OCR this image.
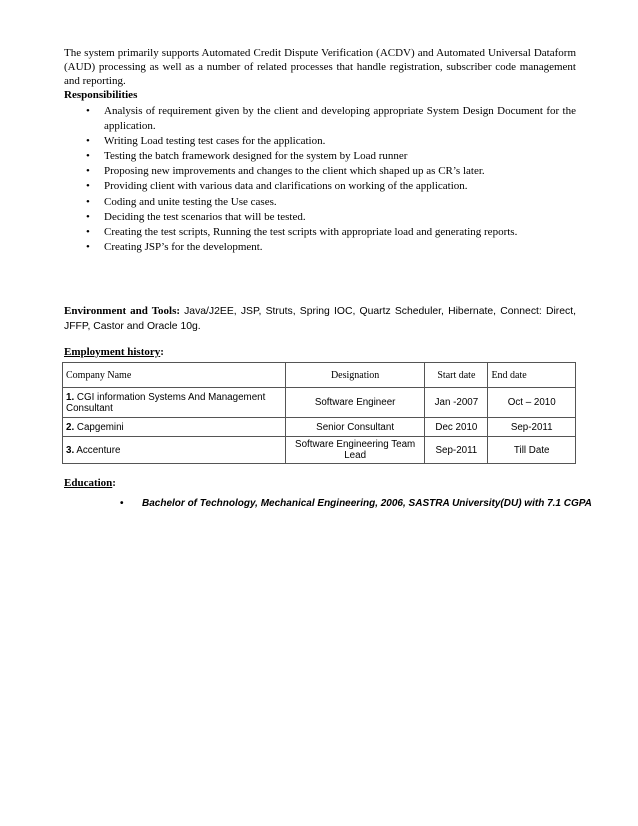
The system primarily supports Automated Credit Dispute Verification (ACDV) and Automated Universal Dataform (AUD) processing as well as a number of related processes that handle registration, subscriber code management and reporting.
Responsibilities
• Analysis of requirement given by the client and developing appropriate System Design Document for the application.
• Writing Load testing test cases for the application.
• Testing the batch framework designed for the system by Load runner
• Proposing new improvements and changes to the client which shaped up as CR’s later.
• Providing client with various data and clarifications on working of the application.
• Coding and unite testing the Use cases.
• Deciding the test scenarios that will be tested.
• Creating the test scripts, Running the test scripts with appropriate load and generating reports.
• Creating JSP’s for the development.
Environment and Tools: Java/J2EE, JSP, Struts, Spring IOC, Quartz Scheduler, Hibernate, Connect: Direct, JFFP, Castor and Oracle 10g.
Employment history:
Company Name	Designation	Start date	End date
1. CGI information Systems And Management Consultant	Software Engineer	Jan -2007	Oct – 2010
2. Capgemini	Senior Consultant	Dec 2010	Sep-2011
3. Accenture	Software Engineering Team Lead	Sep-2011	Till Date
Education:
• Bachelor of Technology, Mechanical Engineering, 2006, SASTRA University(DU) with 7.1 CGPA
